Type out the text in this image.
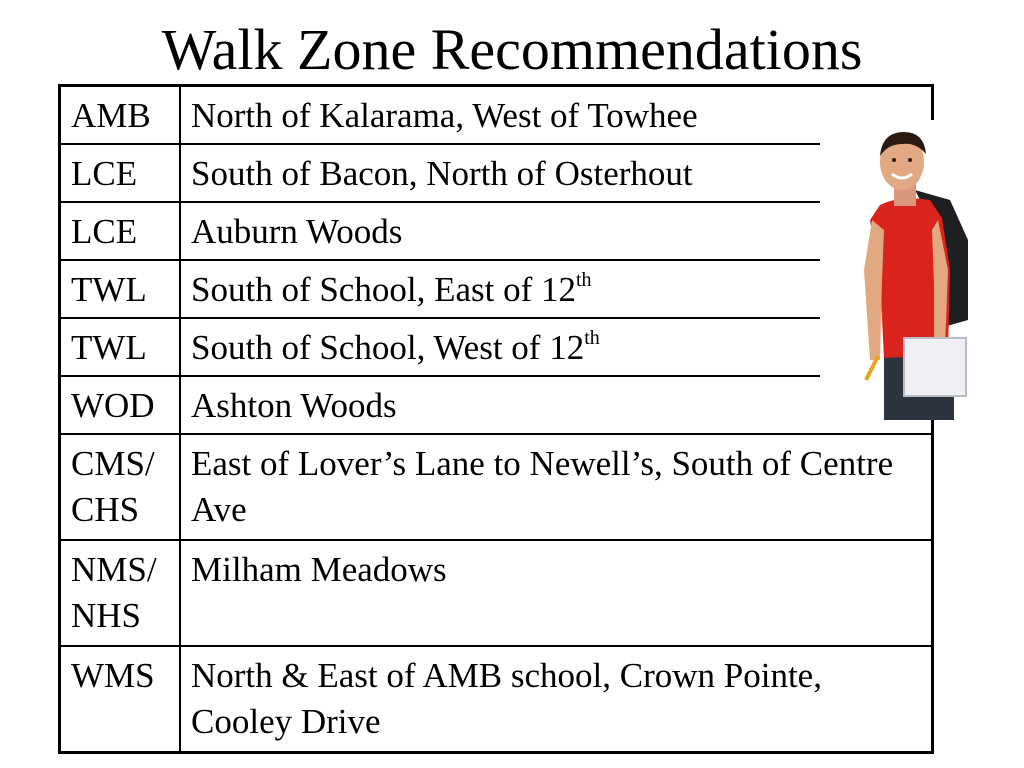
Walk Zone Recommendations
AMB	North of Kalarama, West of Towhee
LCE	South of Bacon, North of Osterhout
LCE	Auburn Woods
TWL	South of School, East of 12th
TWL	South of School, West of 12th
WOD	Ashton Woods
CMS/ CHS	East of Lover’s Lane to Newell’s, South of Centre Ave
NMS/ NHS	Milham Meadows
WMS	North & East of AMB school, Crown Pointe, Cooley Drive
